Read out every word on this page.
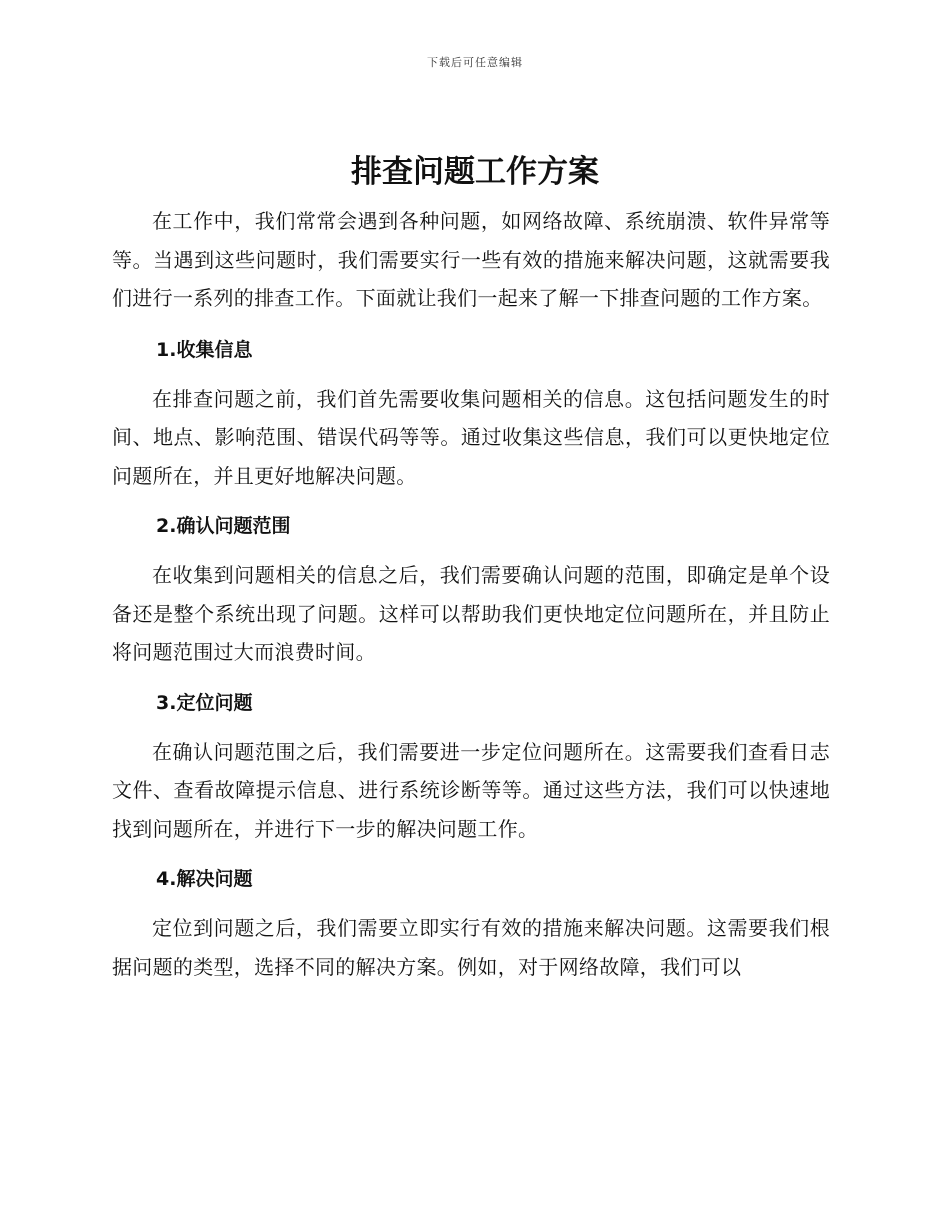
下载后可任意编辑
排查问题工作方案

在工作中，我们常常会遇到各种问题，如网络故障、系统崩溃、软件异常等等。当遇到这些问题时，我们需要实行一些有效的措施来解决问题，这就需要我们进行一系列的排查工作。下面就让我们一起来了解一下排查问题的工作方案。

1.收集信息

在排查问题之前，我们首先需要收集问题相关的信息。这包括问题发生的时间、地点、影响范围、错误代码等等。通过收集这些信息，我们可以更快地定位问题所在，并且更好地解决问题。

2.确认问题范围

在收集到问题相关的信息之后，我们需要确认问题的范围，即确定是单个设备还是整个系统出现了问题。这样可以帮助我们更快地定位问题所在，并且防止将问题范围过大而浪费时间。

3.定位问题

在确认问题范围之后，我们需要进一步定位问题所在。这需要我们查看日志文件、查看故障提示信息、进行系统诊断等等。通过这些方法，我们可以快速地找到问题所在，并进行下一步的解决问题工作。

4.解决问题

定位到问题之后，我们需要立即实行有效的措施来解决问题。这需要我们根据问题的类型，选择不同的解决方案。例如，对于网络故障，我们可以
